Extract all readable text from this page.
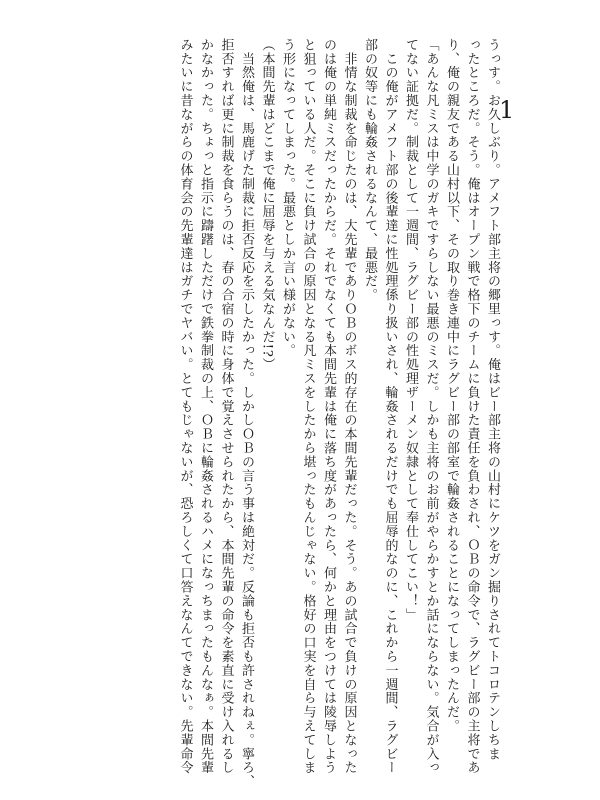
1
うっす。お久しぶり。アメフト部主将の郷里っす。俺はビー部主将の山村にケツをガン掘りされてトコロテンしちま
ったところだ。そう。俺はオープン戦で格下のチームに負けた責任を負わされ、ＯＢの命令で、ラグビー部の主将であ
り、俺の親友である山村以下、その取り巻き連中にラグビー部の部室で輪姦されることになってしまったんだ。
「あんな凡ミスは中学のガキですらしない最悪のミスだ。しかも主将のお前がやらかすとか話にならない。気合が入っ
てない証拠だ。制裁として一週間、ラグビー部の性処理ザーメン奴隷として奉仕してこい！」
　この俺がアメフト部の後輩達に性処理係り扱いされ、輪姦されるだけでも屈辱的なのに、これから一週間、ラグビー
部の奴等にも輪姦されるなんて、最悪だ。
　非情な制裁を命じたのは、大先輩でありＯＢのボス的存在の本間先輩だった。そう。あの試合で負けの原因となった
のは俺の単純ミスだったからだ。それでなくても本間先輩は俺に落ち度があったら、何かと理由をつけては陵辱しよう
と狙っている人だ。そこに負け試合の原因となる凡ミスをしたから堪ったもんじゃない。格好の口実を自ら与えてしま
う形になってしまった。最悪としか言い様がない。
（本間先輩はどこまで俺に屈辱を与える気なんだ!?）
　当然俺は、馬鹿げた制裁に拒否反応を示したかった。しかしＯＢの言う事は絶対だ。反論も拒否も許されねぇ。寧ろ、
拒否すれば更に制裁を食らうのは、春の合宿の時に身体で覚えさせられたから、本間先輩の命令を素直に受け入れるし
かなかった。ちょっと指示に躊躇しただけで鉄拳制裁の上、ＯＢに輪姦されるハメになっちまったもんなぁ。本間先輩
みたいに昔ながらの体育会の先輩達はガチでヤバい。とてもじゃないが、恐ろしくて口答えなんてできない。先輩命令
